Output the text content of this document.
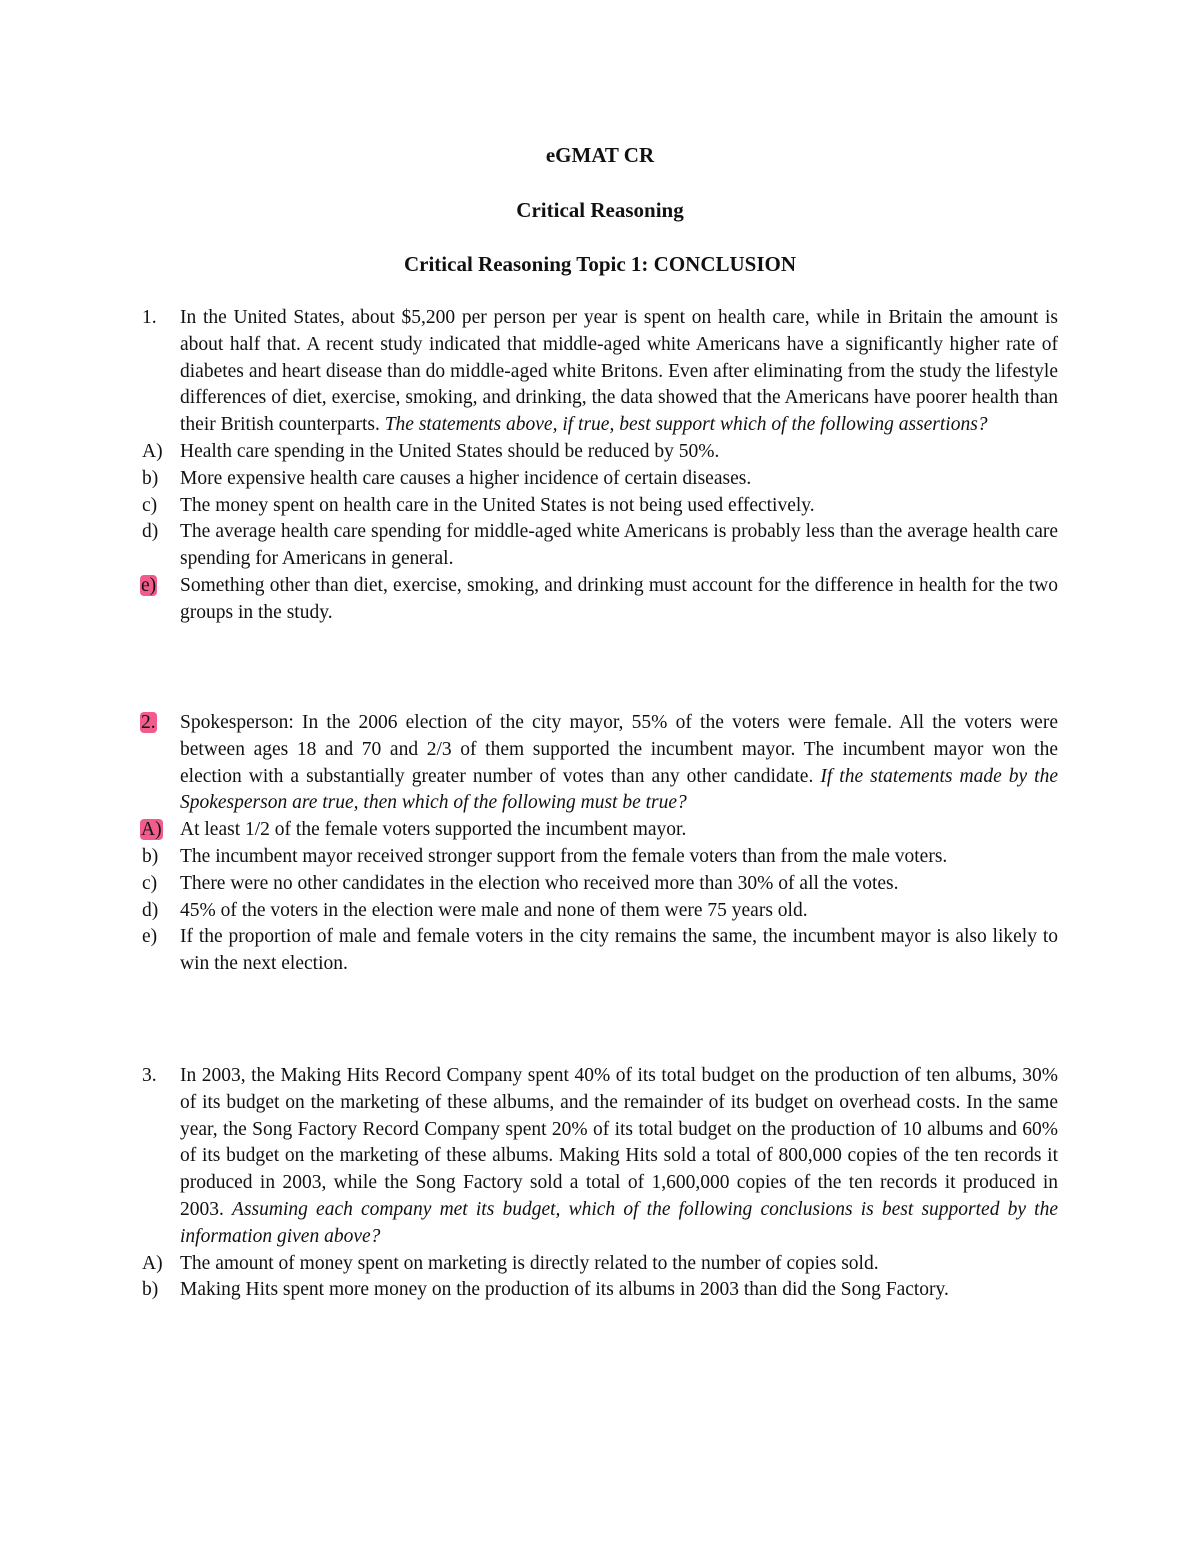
eGMAT CR
Critical Reasoning
Critical Reasoning Topic 1: CONCLUSION
1.	In the United States, about $5,200 per person per year is spent on health care, while in Britain the amount is about half that. A recent study indicated that middle-aged white Americans have a significantly higher rate of diabetes and heart disease than do middle-aged white Britons. Even after eliminating from the study the lifestyle differences of diet, exercise, smoking, and drinking, the data showed that the Americans have poorer health than their British counterparts. The statements above, if true, best support which of the following assertions?
A) Health care spending in the United States should be reduced by 50%.
b)	More expensive health care causes a higher incidence of certain diseases.
c)	The money spent on health care in the United States is not being used effectively.
d)	The average health care spending for middle-aged white Americans is probably less than the average health care spending for Americans in general.
e)	Something other than diet, exercise, smoking, and drinking must account for the difference in health for the two groups in the study.
2.	Spokesperson: In the 2006 election of the city mayor, 55% of the voters were female. All the voters were between ages 18 and 70 and 2/3 of them supported the incumbent mayor. The incumbent mayor won the election with a substantially greater number of votes than any other candidate. If the statements made by the Spokesperson are true, then which of the following must be true?
A) At least 1/2 of the female voters supported the incumbent mayor.
b)	The incumbent mayor received stronger support from the female voters than from the male voters.
c)	There were no other candidates in the election who received more than 30% of all the votes.
d)	45% of the voters in the election were male and none of them were 75 years old.
e)	If the proportion of male and female voters in the city remains the same, the incumbent mayor is also likely to win the next election.
3.	In 2003, the Making Hits Record Company spent 40% of its total budget on the production of ten albums, 30% of its budget on the marketing of these albums, and the remainder of its budget on overhead costs. In the same year, the Song Factory Record Company spent 20% of its total budget on the production of 10 albums and 60% of its budget on the marketing of these albums. Making Hits sold a total of 800,000 copies of the ten records it produced in 2003, while the Song Factory sold a total of 1,600,000 copies of the ten records it produced in 2003. Assuming each company met its budget, which of the following conclusions is best supported by the information given above?
A) The amount of money spent on marketing is directly related to the number of copies sold.
b)	Making Hits spent more money on the production of its albums in 2003 than did the Song Factory.
